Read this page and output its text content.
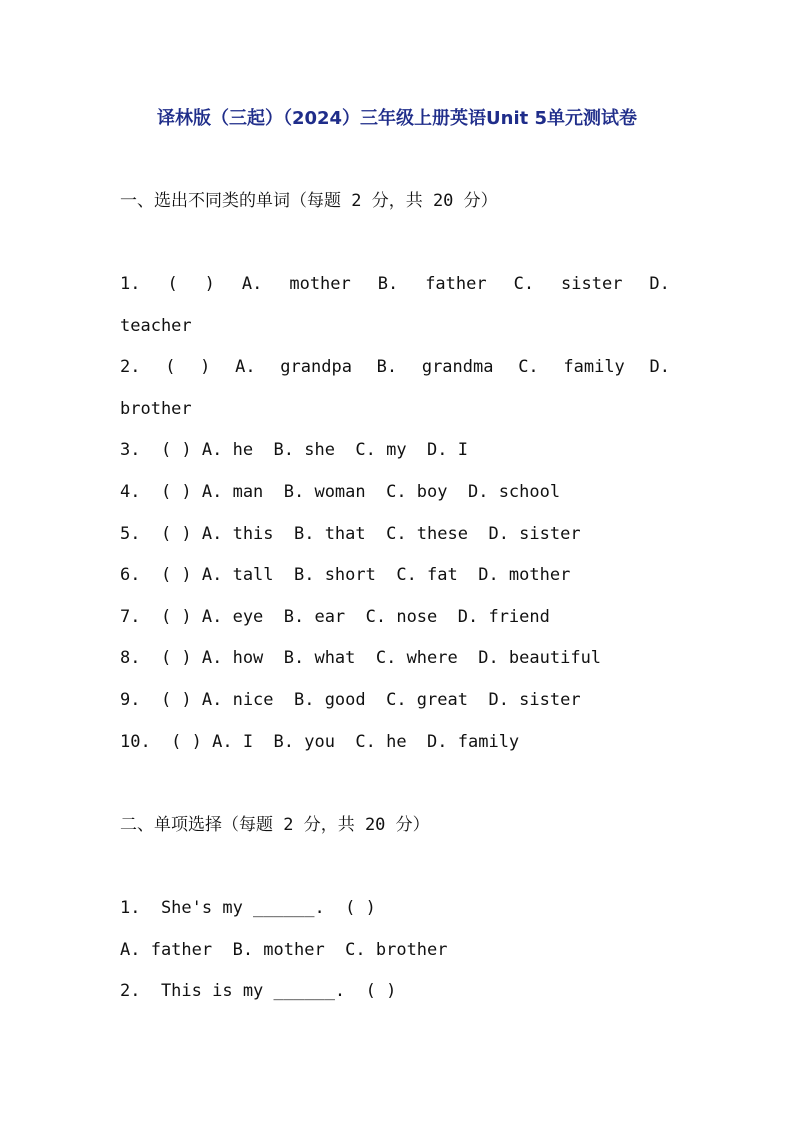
译林版（三起）（2024）三年级上册英语Unit 5单元测试卷
一、选出不同类的单词（每题 2 分，共 20 分）
1. ( ) A. mother B. father C. sister D.
teacher
2. ( ) A. grandpa B. grandma C. family D.
brother
3.  ( ) A. he  B. she  C. my  D. I
4.  ( ) A. man  B. woman  C. boy  D. school
5.  ( ) A. this  B. that  C. these  D. sister
6.  ( ) A. tall  B. short  C. fat  D. mother
7.  ( ) A. eye  B. ear  C. nose  D. friend
8.  ( ) A. how  B. what  C. where  D. beautiful
9.  ( ) A. nice  B. good  C. great  D. sister
10.  ( ) A. I  B. you  C. he  D. family
二、单项选择（每题 2 分，共 20 分）
1.  She's my ______.  ( )
A. father  B. mother  C. brother
2.  This is my ______.  ( )
